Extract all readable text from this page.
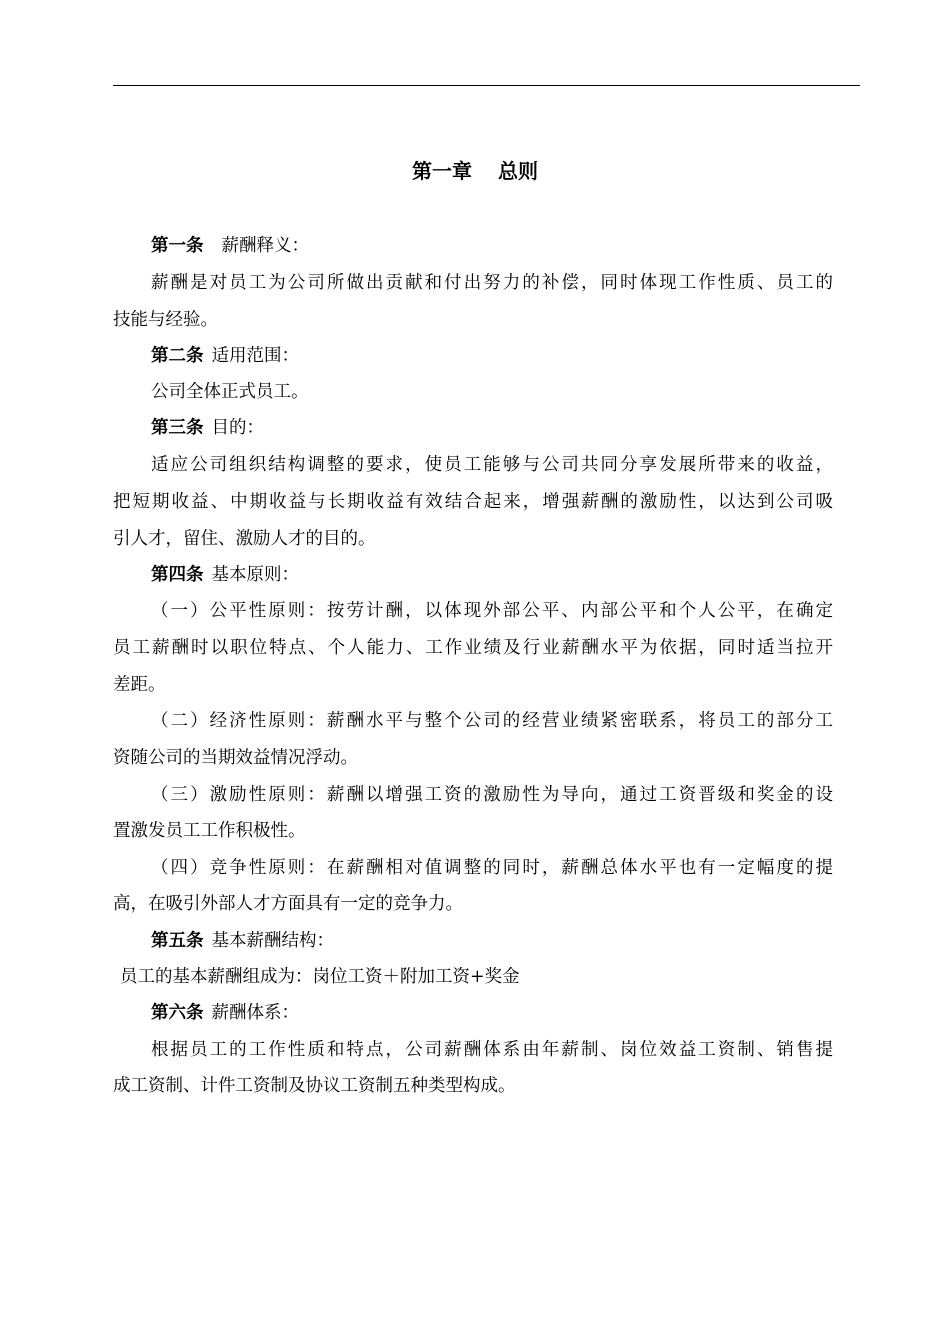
第一章 总则
第一条 薪酬释义：
薪酬是对员工为公司所做出贡献和付出努力的补偿，同时体现工作性质、员工的
技能与经验。
第二条 适用范围：
公司全体正式员工。
第三条 目的：
适应公司组织结构调整的要求，使员工能够与公司共同分享发展所带来的收益，
把短期收益、中期收益与长期收益有效结合起来，增强薪酬的激励性，以达到公司吸
引人才，留住、激励人才的目的。
第四条 基本原则：
（一）公平性原则：按劳计酬，以体现外部公平、内部公平和个人公平，在确定
员工薪酬时以职位特点、个人能力、工作业绩及行业薪酬水平为依据，同时适当拉开
差距。
（二）经济性原则：薪酬水平与整个公司的经营业绩紧密联系，将员工的部分工
资随公司的当期效益情况浮动。
（三）激励性原则：薪酬以增强工资的激励性为导向，通过工资晋级和奖金的设
置激发员工工作积极性。
（四）竞争性原则：在薪酬相对值调整的同时，薪酬总体水平也有一定幅度的提
高，在吸引外部人才方面具有一定的竞争力。
第五条 基本薪酬结构：
员工的基本薪酬组成为：岗位工资＋附加工资+奖金
第六条 薪酬体系：
根据员工的工作性质和特点，公司薪酬体系由年薪制、岗位效益工资制、销售提
成工资制、计件工资制及协议工资制五种类型构成。
